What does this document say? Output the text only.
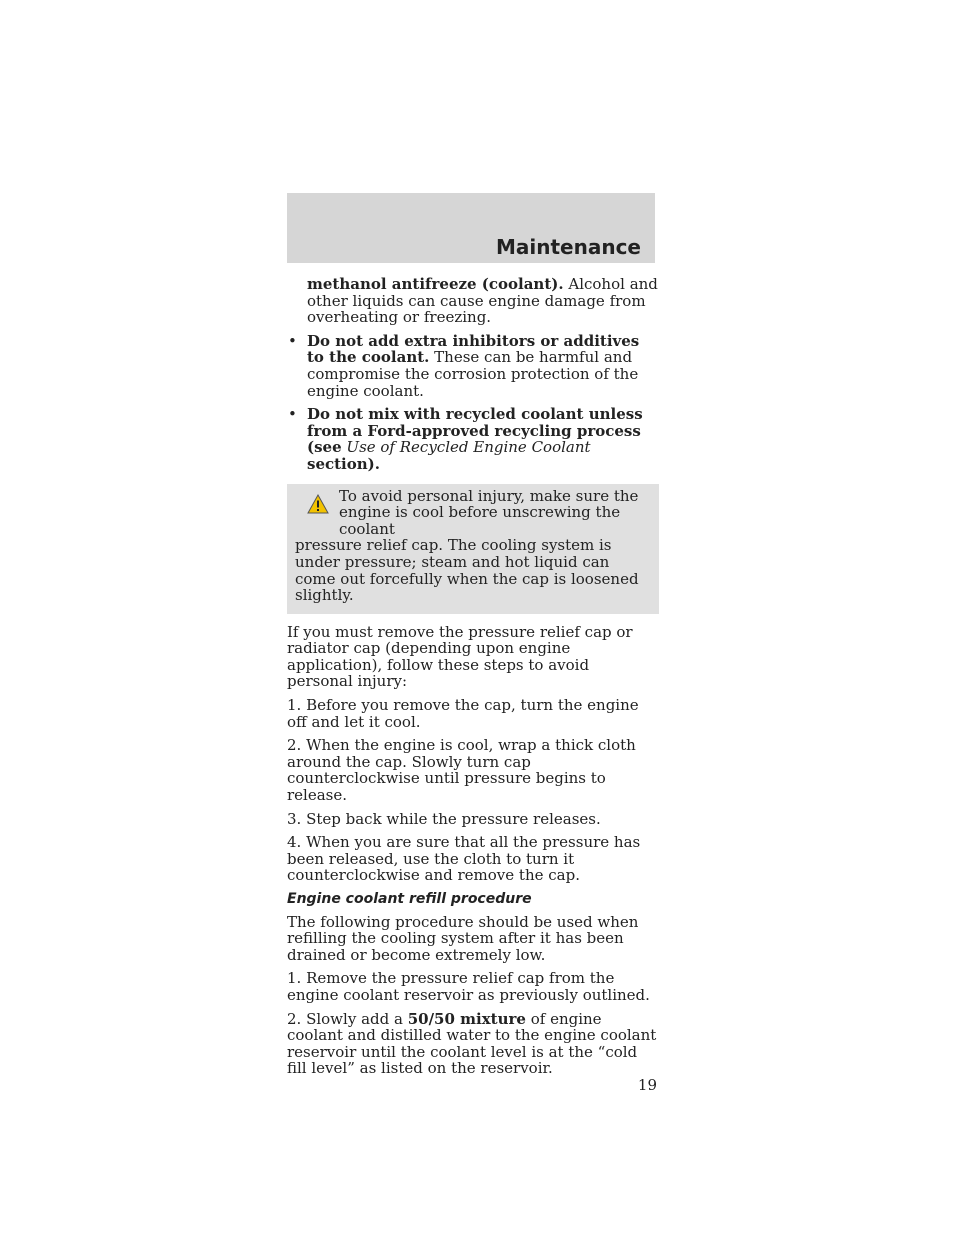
Maintenance

methanol antifreeze (coolant). Alcohol and other liquids can cause engine damage from overheating or freezing.

• Do not add extra inhibitors or additives to the coolant. These can be harmful and compromise the corrosion protection of the engine coolant.
• Do not mix with recycled coolant unless from a Ford-approved recycling process (see Use of Recycled Engine Coolant section).
To avoid personal injury, make sure the engine is cool before unscrewing the coolant
pressure relief cap. The cooling system is under pressure; steam and hot liquid can come out forcefully when the cap is loosened slightly.

If you must remove the pressure relief cap or radiator cap (depending upon engine application), follow these steps to avoid personal injury:

1. Before you remove the cap, turn the engine off and let it cool.

2. When the engine is cool, wrap a thick cloth around the cap. Slowly turn cap counterclockwise until pressure begins to release.

3. Step back while the pressure releases.

4. When you are sure that all the pressure has been released, use the cloth to turn it counterclockwise and remove the cap.

Engine coolant refill procedure

The following procedure should be used when refilling the cooling system after it has been drained or become extremely low.

1. Remove the pressure relief cap from the engine coolant reservoir as previously outlined.

2. Slowly add a 50/50 mixture of engine coolant and distilled water to the engine coolant reservoir until the coolant level is at the “cold fill level” as listed on the reservoir.

19
